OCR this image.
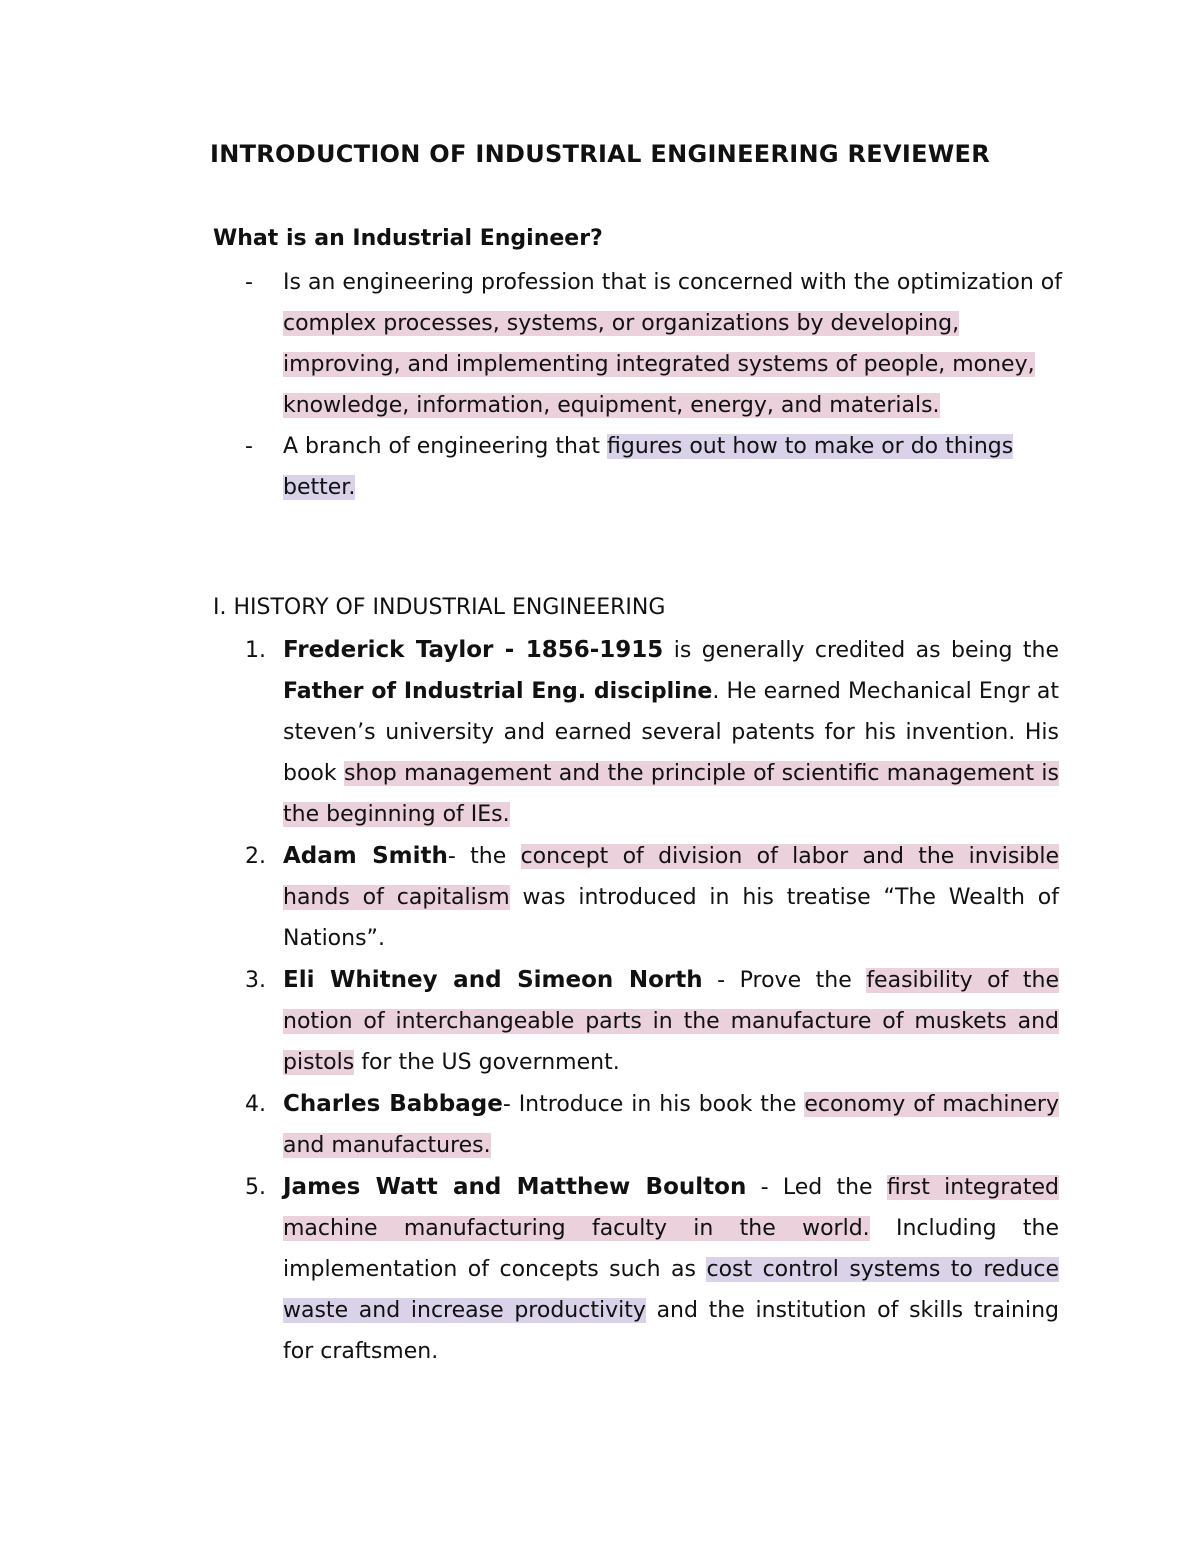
INTRODUCTION OF INDUSTRIAL ENGINEERING REVIEWER
What is an Industrial Engineer?
-	Is an engineering profession that is concerned with the optimization of complex processes, systems, or organizations by developing, improving, and implementing integrated systems of people, money, knowledge, information, equipment, energy, and materials.
-	A branch of engineering that figures out how to make or do things better.
I. HISTORY OF INDUSTRIAL ENGINEERING
1. Frederick Taylor - 1856-1915 is generally credited as being the Father of Industrial Eng. discipline. He earned Mechanical Engr at steven’s university and earned several patents for his invention. His book shop management and the principle of scientific management is the beginning of IEs.
2. Adam Smith- the concept of division of labor and the invisible hands of capitalism was introduced in his treatise “The Wealth of Nations”.
3. Eli Whitney and Simeon North - Prove the feasibility of the notion of interchangeable parts in the manufacture of muskets and pistols for the US government.
4. Charles Babbage- Introduce in his book the economy of machinery and manufactures.
5. James Watt and Matthew Boulton - Led the first integrated machine manufacturing faculty in the world. Including the implementation of concepts such as cost control systems to reduce waste and increase productivity and the institution of skills training for craftsmen.
